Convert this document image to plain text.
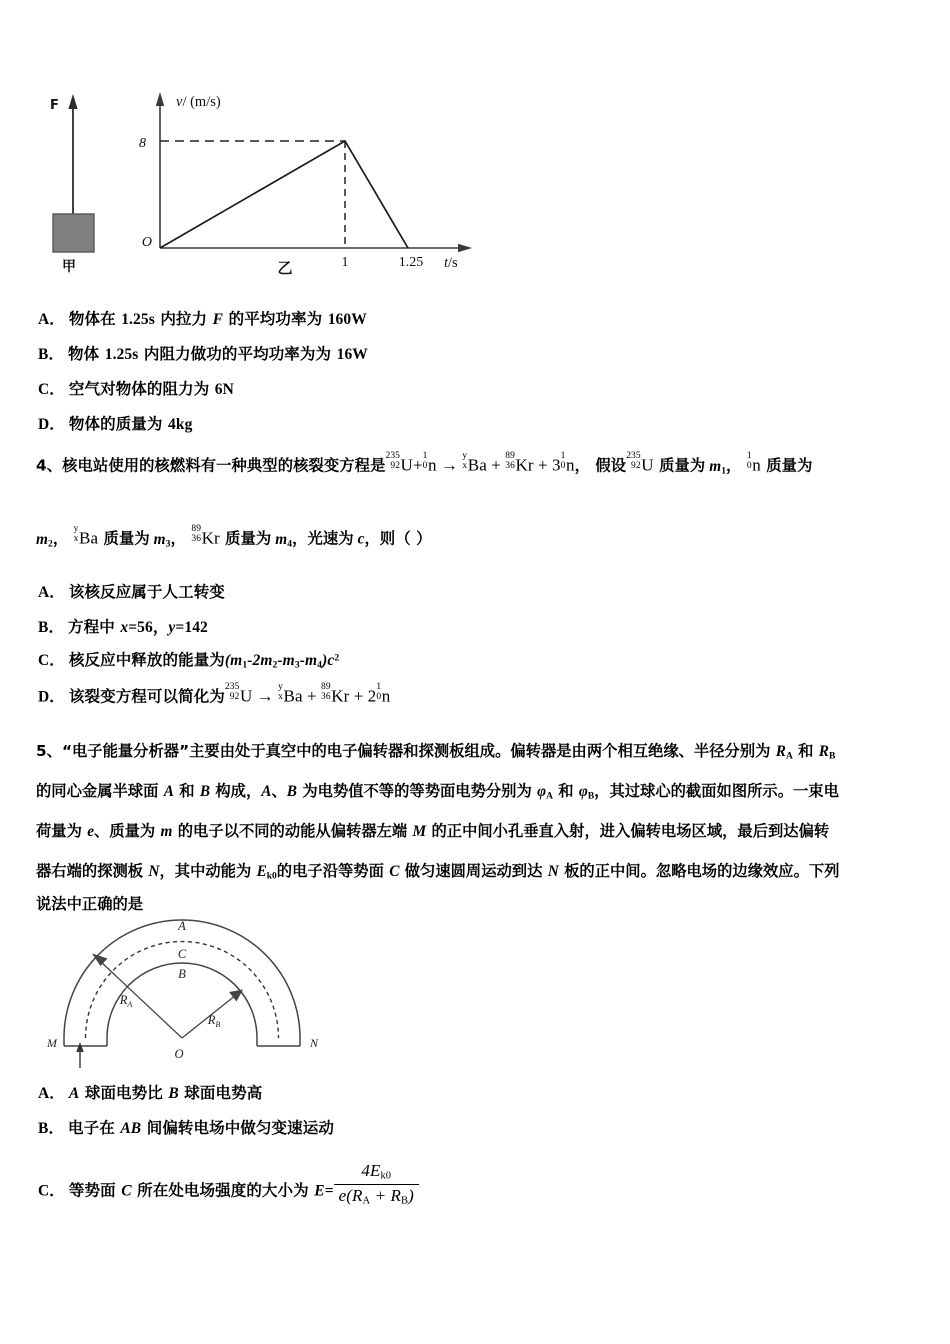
F
甲
8
O
1	1.25
v/ (m/s)
t/s
乙
A． 物体在 1.25s 内拉力 F 的平均功率为 160W
B． 物体 1.25s 内阻力做功的平均功率为为 16W
C． 空气对物体的阻力为 6N
D． 物体的质量为 4kg
4、核电站使用的核燃料有一种典型的核裂变方程是
235
92 U+ 1
0 n → y
x Ba + 89
36 Kr + 3 1
0 n， 假设
235
92 U 质量为 $m_1$，
1
0 n 质量为
$m_2$，
y
x Ba 质量为 $m_3$，
89
36 Kr 质量为 $m_4$，光速为 c，则（ ）
A． 该核反应属于人工转变
B． 方程中 x=56，y=142
C． 核反应中释放的能量为$(m_1-2m_2-m_3-m_4)c^2$
D． 该裂变方程可以简化为
235
92 U → y
x Ba + 89
36 Kr + 2 1
0 n
5、“电子能量分析器”主要由处于真空中的电子偏转器和探测板组成。偏转器是由两个相互绝缘、半径分别为 $R_A$ 和 $R_B$
的同心金属半球面 A 和 B 构成，A、B 为电势值不等的等势面电势分别为 $\varphi_A$ 和 $\varphi_B$，其过球心的截面如图所示。一束电
荷量为 e、质量为 m 的电子以不同的动能从偏转器左端 M 的正中间小孔垂直入射，进入偏转电场区域，最后到达偏转
器右端的探测板 N，其中动能为 $E_{k0}$的电子沿等势面 C 做匀速圆周运动到达 N 板的正中间。忽略电场的边缘效应。下列
说法中正确的是
A
C
B
$R_A$
$R_B$
O
M	N
A． A 球面电势比 B 球面电势高
B． 电子在 AB 间偏转电场中做匀变速运动
C． 等势面 C 所在处电场强度的大小为 $E= \frac{4E_{k0}}{e(R_A + R_B)}$
